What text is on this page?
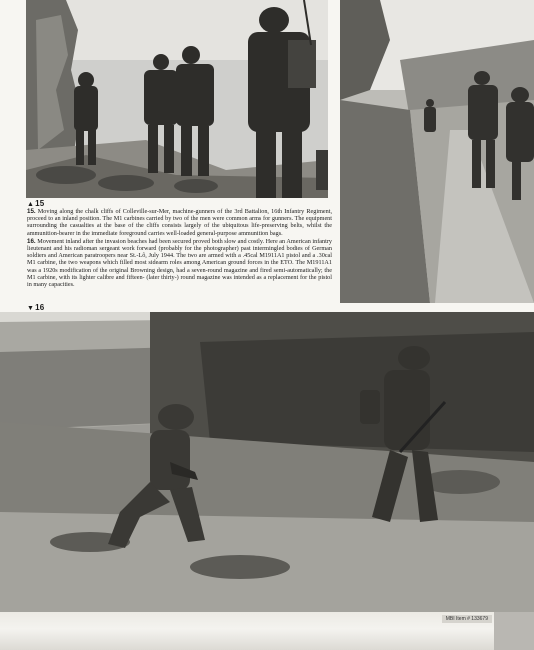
▲15

15. Moving along the chalk cliffs of Colleville-sur-Mer, machine-gunners of the 3rd Battalion, 16th Infantry Regiment, proceed to an inland position. The M1 carbines carried by two of the men were common arms for gunners. The equipment surrounding the casualties at the base of the cliffs consists largely of the ubiquitous life-preserving belts, whilst the ammunition-bearer in the immediate foreground carries well-loaded general-purpose ammunition bags.

16. Movement inland after the invasion beaches had been secured proved both slow and costly. Here an American infantry lieutenant and his radioman sergeant work forward (probably for the photographer) past intermingled bodies of German soldiers and American paratroopers near St.-Lô, July 1944. The two are armed with a .45cal M1911A1 pistol and a .30cal M1 carbine, the two weapons which filled most sidearm roles among American ground forces in the ETO. The M1911A1 was a 1920s modification of the original Browning design, had a seven-round magazine and fired semi-automatically; the M1 carbine, with its lighter calibre and fifteen- (later thirty-) round magazine was intended as a replacement for the pistol in many capacities.

▼16
MBI Item # 133679
